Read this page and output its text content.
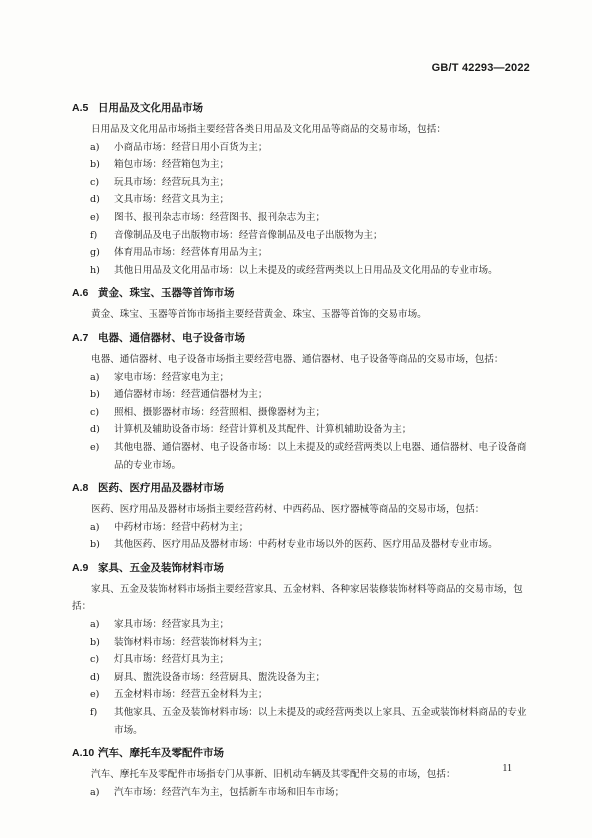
GB/T 42293—2022
A.5 日用品及文化用品市场

日用品及文化用品市场指主要经营各类日用品及文化用品等商品的交易市场，包括：

a)	小商品市场：经营日用小百货为主；
b)	箱包市场：经营箱包为主；
c)	玩具市场：经营玩具为主；
d)	文具市场：经营文具为主；
e)	图书、报刊杂志市场：经营图书、报刊杂志为主；
f)	音像制品及电子出版物市场：经营音像制品及电子出版物为主；
g)	体育用品市场：经营体育用品为主；
h)	其他日用品及文化用品市场：以上未提及的或经营两类以上日用品及文化用品的专业市场。
A.6 黄金、珠宝、玉器等首饰市场

黄金、珠宝、玉器等首饰市场指主要经营黄金、珠宝、玉器等首饰的交易市场。

A.7 电器、通信器材、电子设备市场

电器、通信器材、电子设备市场指主要经营电器、通信器材、电子设备等商品的交易市场，包括：

a)	家电市场：经营家电为主；
b)	通信器材市场：经营通信器材为主；
c)	照相、摄影器材市场：经营照相、摄像器材为主；
d)	计算机及辅助设备市场：经营计算机及其配件、计算机辅助设备为主；
e)	其他电器、通信器材、电子设备市场：以上未提及的或经营两类以上电器、通信器材、电子设备商品的专业市场。
A.8 医药、医疗用品及器材市场

医药、医疗用品及器材市场指主要经营药材、中西药品、医疗器械等商品的交易市场，包括：

a)	中药材市场：经营中药材为主；
b)	其他医药、医疗用品及器材市场：中药材专业市场以外的医药、医疗用品及器材专业市场。
A.9 家具、五金及装饰材料市场

家具、五金及装饰材料市场指主要经营家具、五金材料、各种家居装修装饰材料等商品的交易市场，包括：

a)	家具市场：经营家具为主；
b)	装饰材料市场：经营装饰材料为主；
c)	灯具市场：经营灯具为主；
d)	厨具、盥洗设备市场：经营厨具、盥洗设备为主；
e)	五金材料市场：经营五金材料为主；
f)	其他家具、五金及装饰材料市场：以上未提及的或经营两类以上家具、五金或装饰材料商品的专业市场。
A.10 汽车、摩托车及零配件市场

汽车、摩托车及零配件市场指专门从事新、旧机动车辆及其零配件交易的市场，包括：

a)	汽车市场：经营汽车为主，包括新车市场和旧车市场；
11
